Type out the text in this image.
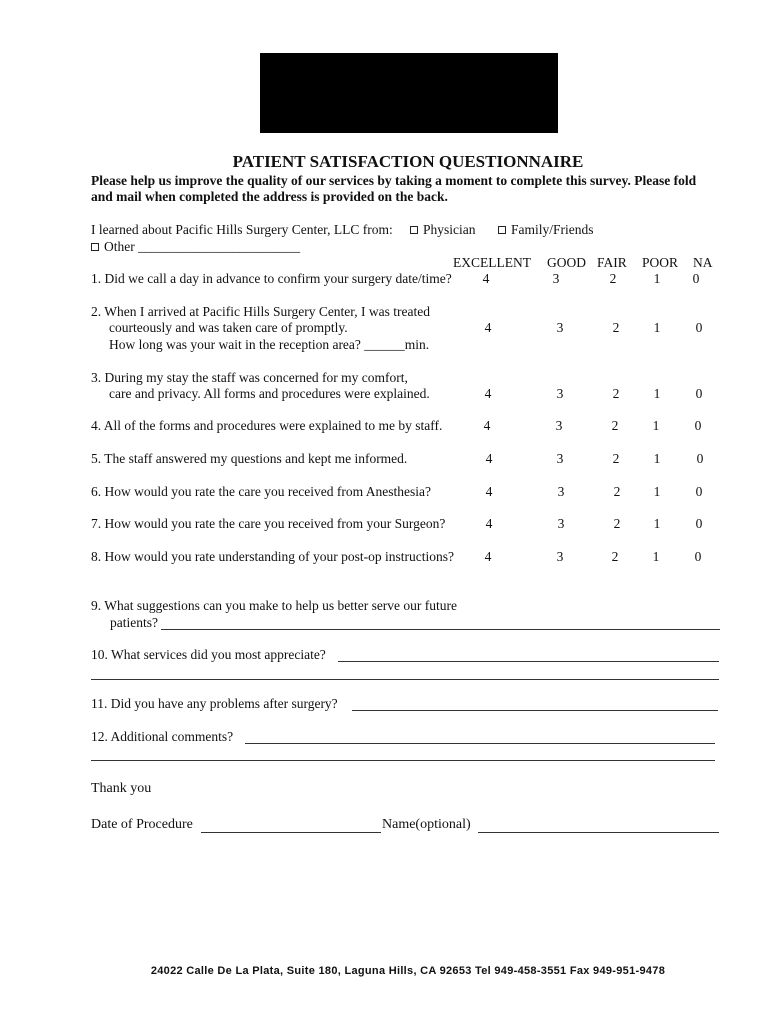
PATIENT SATISFACTION QUESTIONNAIRE
Please help us improve the quality of our services by taking a moment to complete this survey. Please fold
and mail when completed the address is provided on the back.
I learned about Pacific Hills Surgery Center, LLC from:	Physician	Family/Friends
Other ________________________
EXCELLENT GOOD FAIR POOR NA
1. Did we call a day in advance to confirm your surgery date/time?	4	3	2	1	0
2. When I arrived at Pacific Hills Surgery Center, I was treated
courteously and was taken care of promptly.
How long was your wait in the reception area? ______min.
4	3	2	1	0
3. During my stay the staff was concerned for my comfort,
care and privacy. All forms and procedures were explained.	4	3	2	1	0
4. All of the forms and procedures were explained to me by staff.	4	3	2	1	0
5. The staff answered my questions and kept me informed.	4	3	2	1	0
6. How would you rate the care you received from Anesthesia?	4	3	2	1	0
7. How would you rate the care you received from your Surgeon?	4	3	2	1	0
8. How would you rate understanding of your post-op instructions?	4	3	2	1	0
9. What suggestions can you make to help us better serve our future
patients?
10. What services did you most appreciate?
11. Did you have any problems after surgery?
12. Additional comments?
Thank you
Date of Procedure	Name(optional)
24022 Calle De La Plata, Suite 180, Laguna Hills, CA 92653 Tel 949-458-3551 Fax 949-951-9478
